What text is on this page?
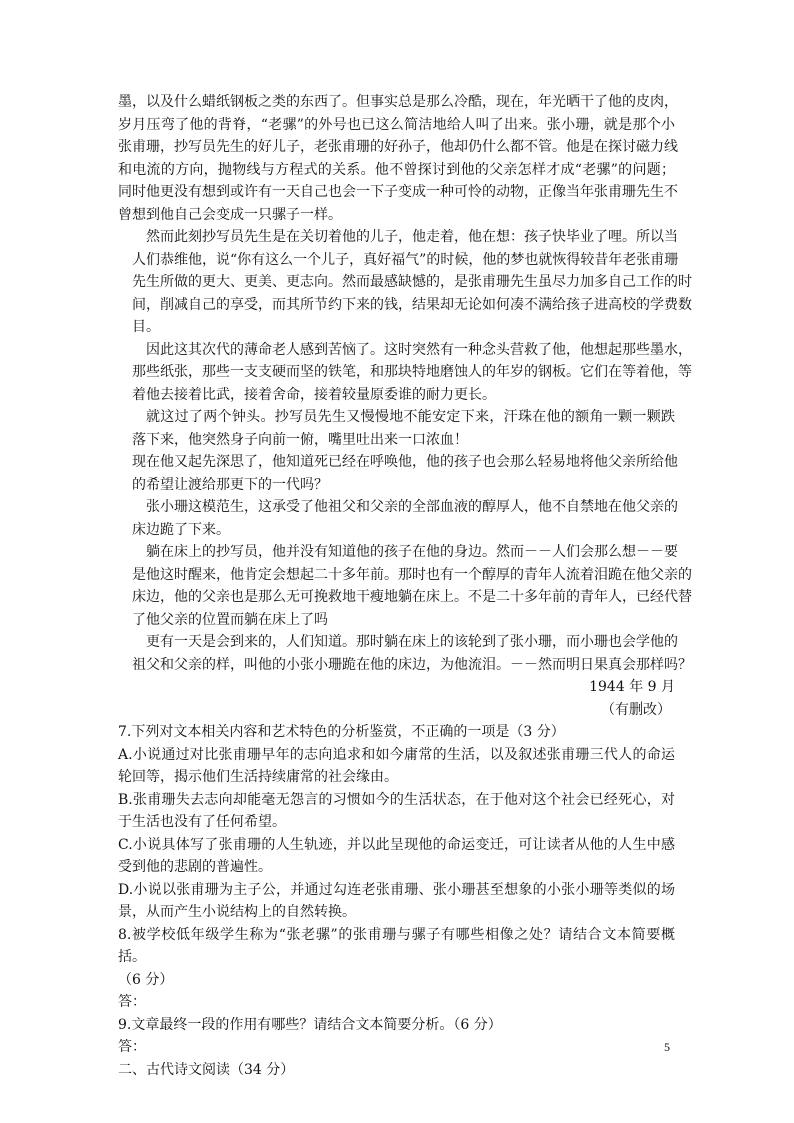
墨，以及什么蜡纸钢板之类的东西了。但事实总是那么冷酷，现在，年光晒干了他的皮肉，
岁月压弯了他的背脊，“老骡”的外号也已这么简洁地给人叫了出来。张小珊，就是那个小
张甫珊，抄写员先生的好儿子，老张甫珊的好孙子，他却仍什么都不管。他是在探讨磁力线
和电流的方向，抛物线与方程式的关系。他不曾探讨到他的父亲怎样才成“老骡”的问题；
同时他更没有想到或许有一天自己也会一下子变成一种可怜的动物，正像当年张甫珊先生不
曾想到他自己会变成一只骡子一样。
然而此刻抄写员先生是在关切着他的儿子，他走着，他在想：孩子快毕业了哩。所以当
人们恭维他，说“你有这么一个儿子，真好福气”的时候，他的梦也就恢得较昔年老张甫珊
先生所做的更大、更美、更志向。然而最感缺憾的，是张甫珊先生虽尽力加多自己工作的时
间，削减自己的享受，而其所节约下来的钱，结果却无论如何凑不满给孩子进高校的学费数
目。
因此这其次代的薄命老人感到苦恼了。这时突然有一种念头营救了他，他想起那些墨水，
那些纸张，那些一支支硬而坚的铁笔，和那块特地磨蚀人的年岁的钢板。它们在等着他，等
着他去接着比武，接着舍命，接着较量原委谁的耐力更长。
就这过了两个钟头。抄写员先生又慢慢地不能安定下来，汗珠在他的额角一颗一颗跌
落下来，他突然身子向前一俯，嘴里吐出来一口浓血！
现在他又起先深思了，他知道死已经在呼唤他，他的孩子也会那么轻易地将他父亲所给他
的希望让渡给那更下的一代吗？
张小珊这模范生，这承受了他祖父和父亲的全部血液的醇厚人，他不自禁地在他父亲的
床边跪了下来。
躺在床上的抄写员，他并没有知道他的孩子在他的身边。然而－－人们会那么想－－要
是他这时醒来，他肯定会想起二十多年前。那时也有一个醇厚的青年人流着泪跪在他父亲的
床边，他的父亲也是那么无可挽救地干瘦地躺在床上。不是二十多年前的青年人，已经代替
了他父亲的位置而躺在床上了吗
更有一天是会到来的，人们知道。那时躺在床上的该轮到了张小珊，而小珊也会学他的
祖父和父亲的样，叫他的小张小珊跪在他的床边，为他流泪。－－然而明日果真会那样吗？
1944 年 9 月
（有删改）
7.下列对文本相关内容和艺术特色的分析鉴赏，不正确的一项是（3 分）
A.小说通过对比张甫珊早年的志向追求和如今庸常的生活，以及叙述张甫珊三代人的命运
轮回等，揭示他们生活持续庸常的社会缘由。
B.张甫珊失去志向却能毫无怨言的习惯如今的生活状态，在于他对这个社会已经死心，对
于生活也没有了任何希望。
C.小说具体写了张甫珊的人生轨迹，并以此呈现他的命运变迁，可让读者从他的人生中感
受到他的悲剧的普遍性。
D.小说以张甫珊为主子公，并通过勾连老张甫珊、张小珊甚至想象的小张小珊等类似的场
景，从而产生小说结构上的自然转换。
8.被学校低年级学生称为“张老骡”的张甫珊与骡子有哪些相像之处？请结合文本简要概
括。
（6 分）
答：
9.文章最终一段的作用有哪些？请结合文本简要分析。（6 分）
答：
二、古代诗文阅读（34 分）
5
